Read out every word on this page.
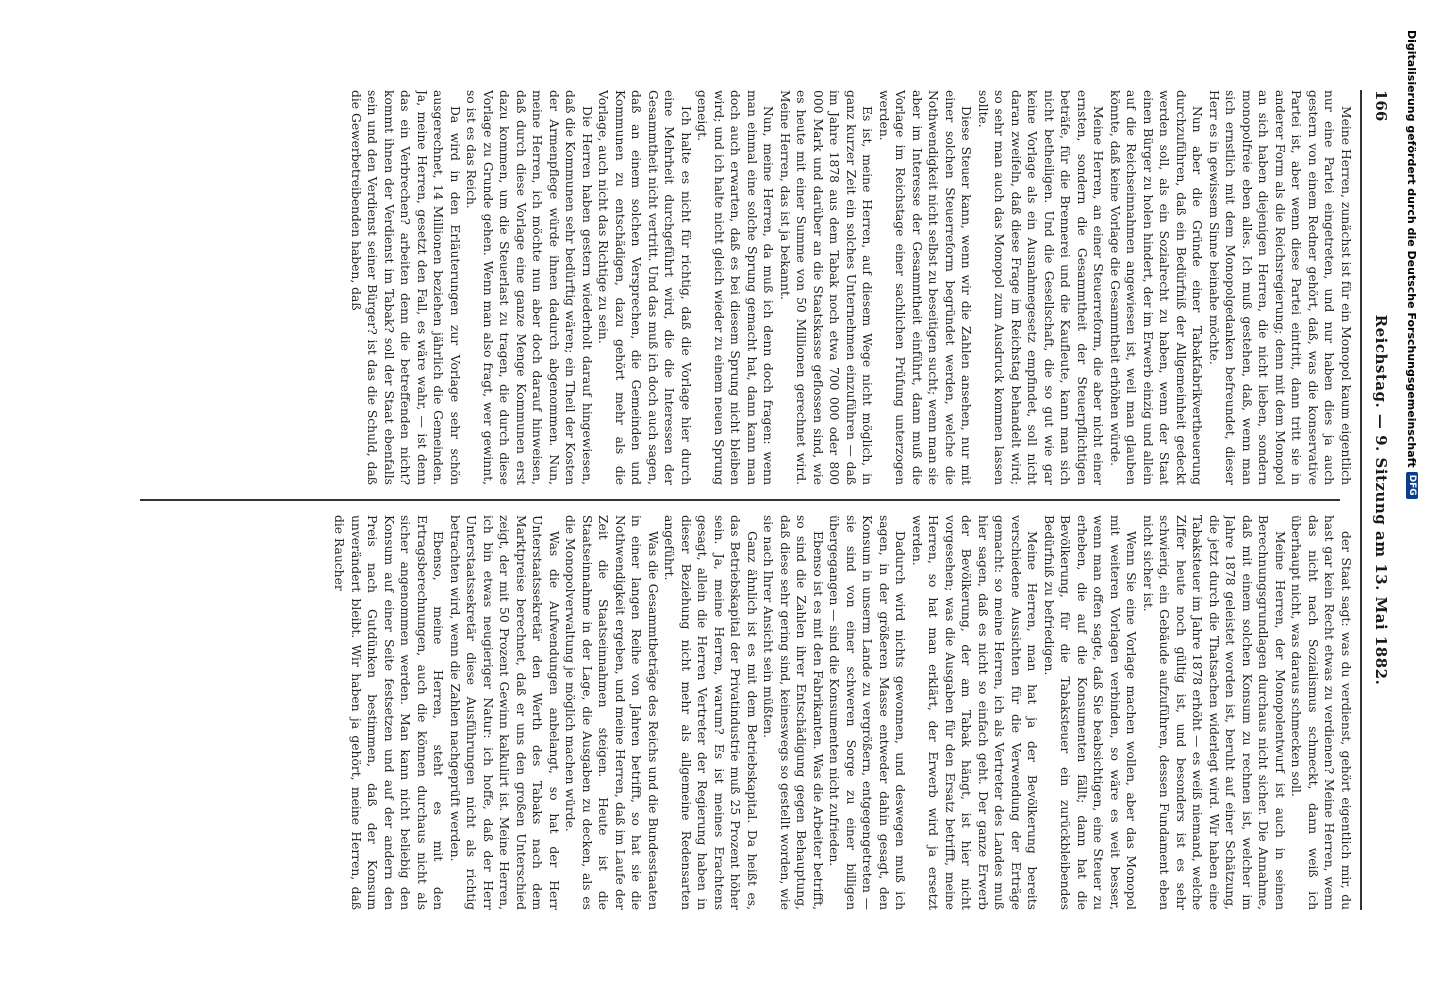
166
Reichstag. — 9. Sitzung am 13. Mai 1882.

Meine Herren, zunächst ist für ein Monopol kaum eigentlich nur eine Partei eingetreten, und nur haben dies ja auch gestern von einem Redner gehört, daß, was die konservative Partei ist, aber wenn diese Partei eintritt, dann tritt sie in anderer Form als die Reichsregierung; denn mit dem Monopol an sich haben diejenigen Herren, die nicht lieben, sondern monopolfreie eben alles. Ich muß gestehen, daß, wenn man sich ernstlich mit dem Monopolgedanken befreundet, dieser Herr es in gewissem Sinne beinahe möchte.

Nun aber die Gründe einer Tabakfabrikvertheuerung durchzuführen, daß ein Bedürfniß der Allgemeinheit gedeckt werden soll, als ein Sozialrecht zu haben, wenn der Staat einen Bürger zu holen hindert, der im Erwerb einzig und allein auf die Reichseinnahmen angewiesen ist, weil man glauben könnte, daß keine Vorlage die Gesammtheit erhöhen würde.

Meine Herren, an einer Steuerreform, die aber nicht einer ernsten, sondern die Gesammtheit der Steuerpflichtigen beträfe, für die Brennerei und die Kaufleute, kann man sich nicht betheiligen. Und die Gesellschaft, die so gut wie gar keine Vorlage als ein Ausnahmegesetz empfindet, soll nicht daran zweifeln, daß diese Frage im Reichstag behandelt wird; so sehr man auch das Monopol zum Ausdruck kommen lassen sollte.

Diese Steuer kann, wenn wir die Zahlen ansehen, nur mit einer solchen Steuerreform begründet werden, welche die Nothwendigkeit nicht selbst zu beseitigen sucht; wenn man sie aber im Interesse der Gesammtheit einführt, dann muß die Vorlage im Reichstage einer sachlichen Prüfung unterzogen werden.

Es ist, meine Herren, auf diesem Wege nicht möglich, in ganz kurzer Zeit ein solches Unternehmen einzuführen — daß im Jahre 1878 aus dem Tabak noch etwa 700 000 oder 800 000 Mark und darüber an die Staatskasse geflossen sind, wie es heute mit einer Summe von 50 Millionen gerechnet wird. Meine Herren, das ist ja bekannt.

Nun, meine Herren, da muß ich denn doch fragen: wenn man einmal eine solche Sprung gemacht hat, dann kann man doch auch erwarten, daß es bei diesem Sprung nicht bleiben wird; und ich halte nicht gleich wieder zu einem neuen Sprung geneigt.

Ich halte es nicht für richtig, daß die Vorlage hier durch eine Mehrheit durchgeführt wird, die die Interessen der Gesammtheit nicht vertritt. Und das muß ich doch auch sagen, daß an einem solchen Versprechen, die Gemeinden und Kommunen zu entschädigen, dazu gehört mehr als die Vorlage, auch nicht das Richtige zu sein.

Die Herren haben gestern wiederholt darauf hingewiesen, daß die Kommunen sehr bedürftig wären; ein Theil der Kosten der Armenpflege würde ihnen dadurch abgenommen. Nun, meine Herren, ich möchte nun aber doch darauf hinweisen, daß durch diese Vorlage eine ganze Menge Kommunen erst dazu kommen, um die Steuerlast zu tragen, die durch diese Vorlage zu Grunde gehen. Wenn man also fragt, wer gewinnt, so ist es das Reich.

Da wird in den Erläuterungen zur Vorlage sehr schön ausgerechnet, 14 Millionen beziehen jährlich die Gemeinden. Ja, meine Herren, gesetzt den Fall, es wäre wahr, — ist denn das ein Verbrechen? arbeiten denn die betreffenden nicht? kommt ihnen der Verdienst im Tabak? soll der Staat ebenfalls sein und den Verdienst seiner Bürger? ist das die Schuld, daß die Gewerbetreibenden haben, daß

der Staat sagt: was du verdienst, gehört eigentlich mir, du hast gar kein Recht etwas zu verdienen? Meine Herren, wenn das nicht nach Sozialismus schmeckt, dann weiß ich überhaupt nicht, was daraus schmecken soll.

Meine Herren, der Monopolentwurf ist auch in seinen Berechnungsgrundlagen durchaus nicht sicher. Die Annahme, daß mit einem solchen Konsum zu rechnen ist, welcher im Jahre 1878 geleistet worden ist, beruht auf einer Schätzung, die jetzt durch die Thatsachen widerlegt wird. Wir haben eine Tabaksteuer im Jahre 1878 erhöht — es weiß niemand, welche Ziffer heute noch gültig ist, und besonders ist es sehr schwierig, ein Gebäude aufzuführen, dessen Fundament eben nicht sicher ist.

Wenn Sie eine Vorlage machen wollen, aber das Monopol mit weiteren Vorlagen verbinden, so wäre es weit besser, wenn man offen sagte, daß Sie beabsichtigen, eine Steuer zu erheben, die auf die Konsumenten fällt; dann hat die Bevölkerung, für die Tabaksteuer ein zurückbleibendes Bedürfniß zu befriedigen.

Meine Herren, man hat ja der Bevölkerung bereits verschiedene Aussichten für die Verwendung der Erträge gemacht: so meine Herren, ich als Vertreter des Landes muß hier sagen, daß es nicht so einfach geht. Der ganze Erwerb der Bevölkerung, der am Tabak hängt, ist hier nicht vorgesehen; was die Ausgaben für den Ersatz betrifft, meine Herren, so hat man erklärt, der Erwerb wird ja ersetzt werden.

Dadurch wird nichts gewonnen, und deswegen muß ich sagen, in der größeren Masse entweder dahin gesagt, den Konsum in unserm Lande zu vergrößern, entgegengetreten — sie sind von einer schweren Sorge zu einer billigen übergegangen — sind die Konsumenten nicht zufrieden.

Ebenso ist es mit den Fabrikanten. Was die Arbeiter betrifft, so sind die Zahlen ihrer Entschädigung gegen Behauptung, daß diese sehr gering sind, keineswegs so gestellt worden, wie sie nach Ihrer Ansicht sein müßten.

Ganz ähnlich ist es mit dem Betriebskapital. Da heißt es, das Betriebskapital der Privatindustrie muß 25 Prozent höher sein. Ja, meine Herren, warum? Es ist meines Erachtens gesagt, allein die Herren Vertreter der Regierung haben in dieser Beziehung nicht mehr als allgemeine Redensarten angeführt.

Was die Gesammtbeträge des Reichs und die Bundesstaaten in einer langen Reihe von Jahren betrifft, so hat sie die Nothwendigkeit ergeben, und meine Herren, daß im Laufe der Zeit die Staatseinnahmen steigen. Heute ist die Staatseinnahme in der Lage, die Ausgaben zu decken, als es die Monopolverwaltung je möglich machen würde.

Was die Aufwendungen anbelangt, so hat der Herr Unterstaatssekretär den Werth des Tabaks nach dem Marktpreise berechnet, daß er uns den großen Unterschied zeigt, der mit 50 Prozent Gewinn kalkulirt ist. Meine Herren, ich bin etwas neugieriger Natur: ich hoffe, daß der Herr Unterstaatssekretär diese Ausführungen nicht als richtig betrachten wird, wenn die Zahlen nachgeprüft werden.

Ebenso, meine Herren, steht es mit den Ertragsberechnungen, auch die können durchaus nicht als sicher angenommen werden. Man kann nicht beliebig den Konsum auf einer Seite festsetzen und auf der andern den Preis nach Gutdünken bestimmen, daß der Konsum unverändert bleibt. Wir haben ja gehört, meine Herren, daß die Raucher

Digitalisierung gefördert durch die Deutsche Forschungsgemeinschaft
DFG
